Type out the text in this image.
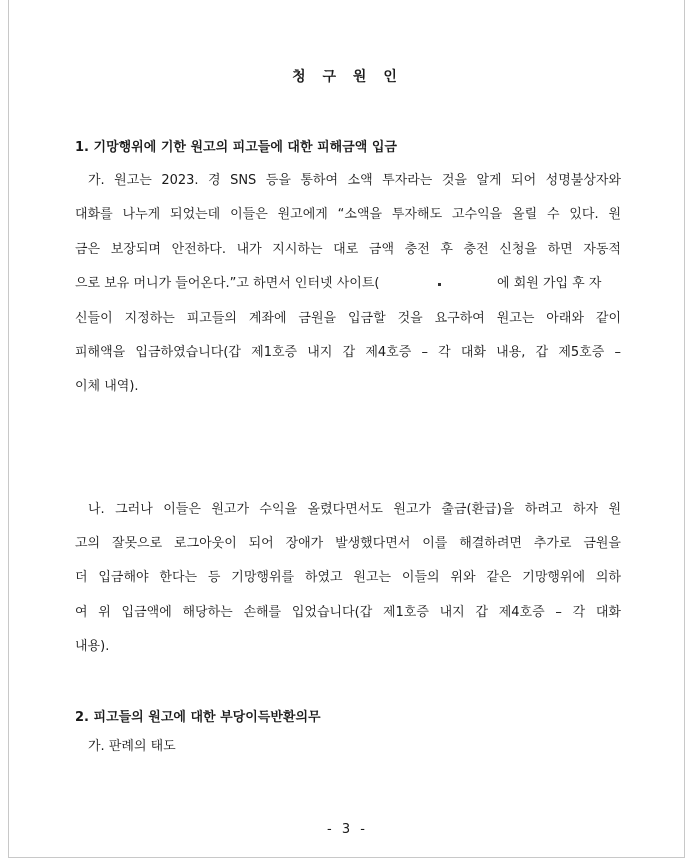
열 람 용
청 구 원 인
1. 기망행위에 기한 원고의 피고들에 대한 피해금액 입금

가. 원고는 2023. 경 SNS 등을 통하여 소액 투자라는 것을 알게 되어 성명불상자와

대화를 나누게 되었는데 이들은 원고에게 “소액을 투자해도 고수익을 올릴 수 있다. 원

금은 보장되며 안전하다. 내가 지시하는 대로 금액 충전 후 충전 신청을 하면 자동적

으로 보유 머니가 들어온다.”고 하면서 인터넷 사이트(	에 회원 가입 후 자

신들이 지정하는 피고들의 계좌에 금원을 입금할 것을 요구하여 원고는 아래와 같이

피해액을 입금하였습니다(갑 제1호증 내지 갑 제4호증 – 각 대화 내용, 갑 제5호증 –

이체 내역).

나. 그러나 이들은 원고가 수익을 올렸다면서도 원고가 출금(환급)을 하려고 하자 원

고의 잘못으로 로그아웃이 되어 장애가 발생했다면서 이를 해결하려면 추가로 금원을

더 입금해야 한다는 등 기망행위를 하였고 원고는 이들의 위와 같은 기망행위에 의하

여 위 입금액에 해당하는 손해를 입었습니다(갑 제1호증 내지 갑 제4호증 – 각 대화

내용).

2. 피고들의 원고에 대한 부당이득반환의무

가. 판례의 태도

- 3 -
